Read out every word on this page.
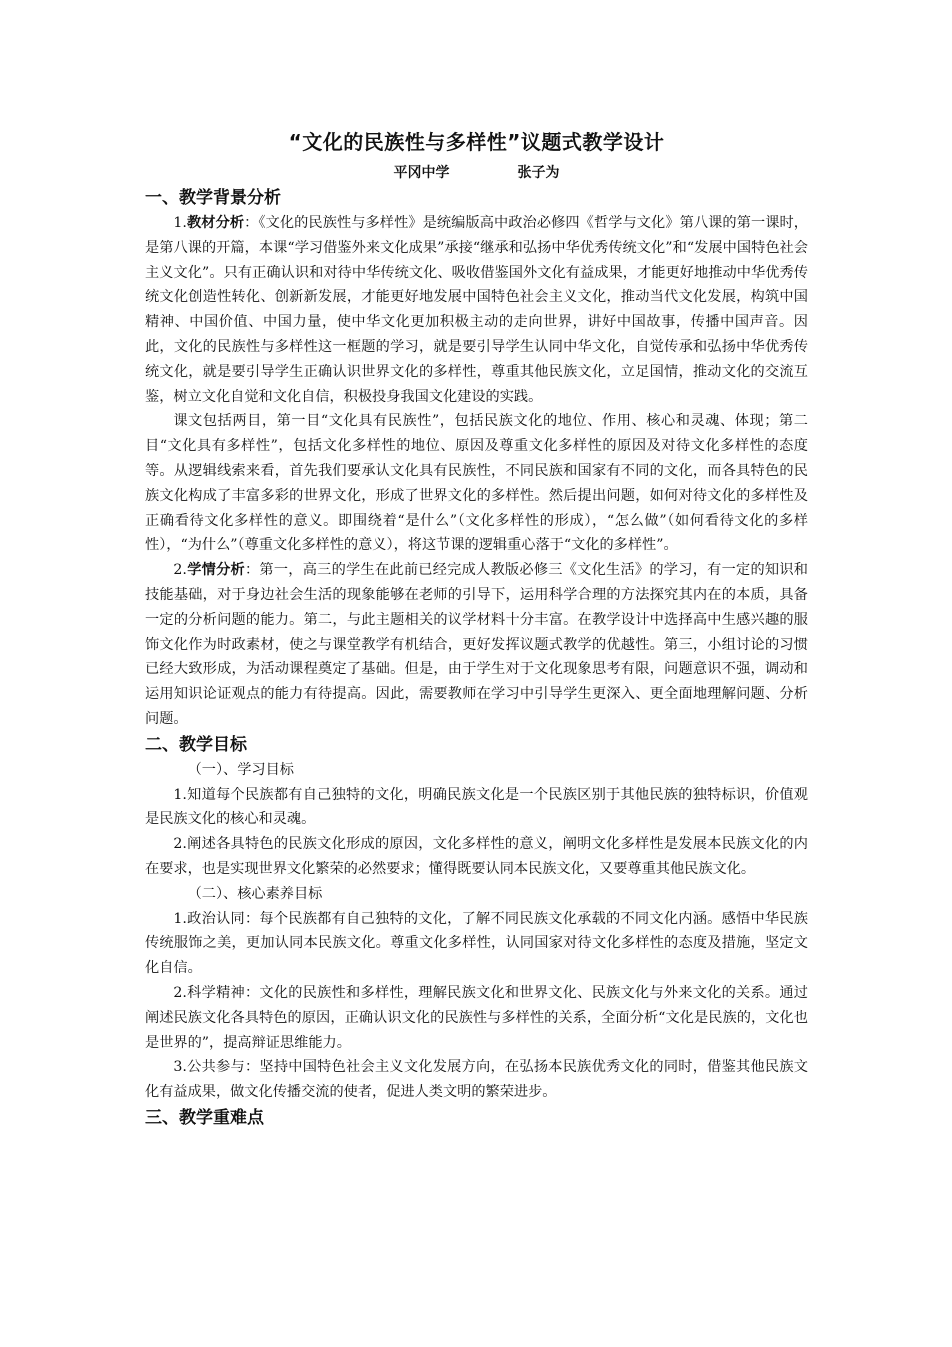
“文化的民族性与多样性”议题式教学设计
平冈中学	张子为
一、教学背景分析

1.教材分析：《文化的民族性与多样性》是统编版高中政治必修四《哲学与文化》第八课的第一课时，是第八课的开篇，本课“学习借鉴外来文化成果”承接“继承和弘扬中华优秀传统文化”和“发展中国特色社会主义文化”。只有正确认识和对待中华传统文化、吸收借鉴国外文化有益成果，才能更好地推动中华优秀传统文化创造性转化、创新新发展，才能更好地发展中国特色社会主义文化，推动当代文化发展，构筑中国精神、中国价值、中国力量，使中华文化更加积极主动的走向世界，讲好中国故事，传播中国声音。因此，文化的民族性与多样性这一框题的学习，就是要引导学生认同中华文化，自觉传承和弘扬中华优秀传统文化，就是要引导学生正确认识世界文化的多样性，尊重其他民族文化，立足国情，推动文化的交流互鉴，树立文化自觉和文化自信，积极投身我国文化建设的实践。

课文包括两目，第一目“文化具有民族性”，包括民族文化的地位、作用、核心和灵魂、体现；第二目“文化具有多样性”，包括文化多样性的地位、原因及尊重文化多样性的原因及对待文化多样性的态度等。从逻辑线索来看，首先我们要承认文化具有民族性，不同民族和国家有不同的文化，而各具特色的民族文化构成了丰富多彩的世界文化，形成了世界文化的多样性。然后提出问题，如何对待文化的多样性及正确看待文化多样性的意义。即围绕着“是什么”（文化多样性的形成），“怎么做”（如何看待文化的多样性），“为什么”（尊重文化多样性的意义），将这节课的逻辑重心落于“文化的多样性”。

2.学情分析：第一，高三的学生在此前已经完成人教版必修三《文化生活》的学习，有一定的知识和技能基础，对于身边社会生活的现象能够在老师的引导下，运用科学合理的方法探究其内在的本质，具备一定的分析问题的能力。第二，与此主题相关的议学材料十分丰富。在教学设计中选择高中生感兴趣的服饰文化作为时政素材，使之与课堂教学有机结合，更好发挥议题式教学的优越性。第三，小组讨论的习惯已经大致形成，为活动课程奠定了基础。但是，由于学生对于文化现象思考有限，问题意识不强，调动和运用知识论证观点的能力有待提高。因此，需要教师在学习中引导学生更深入、更全面地理解问题、分析问题。

二、教学目标

（一）、学习目标

1.知道每个民族都有自己独特的文化，明确民族文化是一个民族区别于其他民族的独特标识，价值观是民族文化的核心和灵魂。

2.阐述各具特色的民族文化形成的原因，文化多样性的意义，阐明文化多样性是发展本民族文化的内在要求，也是实现世界文化繁荣的必然要求；懂得既要认同本民族文化，又要尊重其他民族文化。

（二）、核心素养目标

1.政治认同：每个民族都有自己独特的文化，了解不同民族文化承载的不同文化内涵。感悟中华民族传统服饰之美，更加认同本民族文化。尊重文化多样性，认同国家对待文化多样性的态度及措施，坚定文化自信。

2.科学精神：文化的民族性和多样性，理解民族文化和世界文化、民族文化与外来文化的关系。通过阐述民族文化各具特色的原因，正确认识文化的民族性与多样性的关系，全面分析“文化是民族的，文化也是世界的”，提高辩证思维能力。

3.公共参与：坚持中国特色社会主义文化发展方向，在弘扬本民族优秀文化的同时，借鉴其他民族文化有益成果，做文化传播交流的使者，促进人类文明的繁荣进步。

三、教学重难点
